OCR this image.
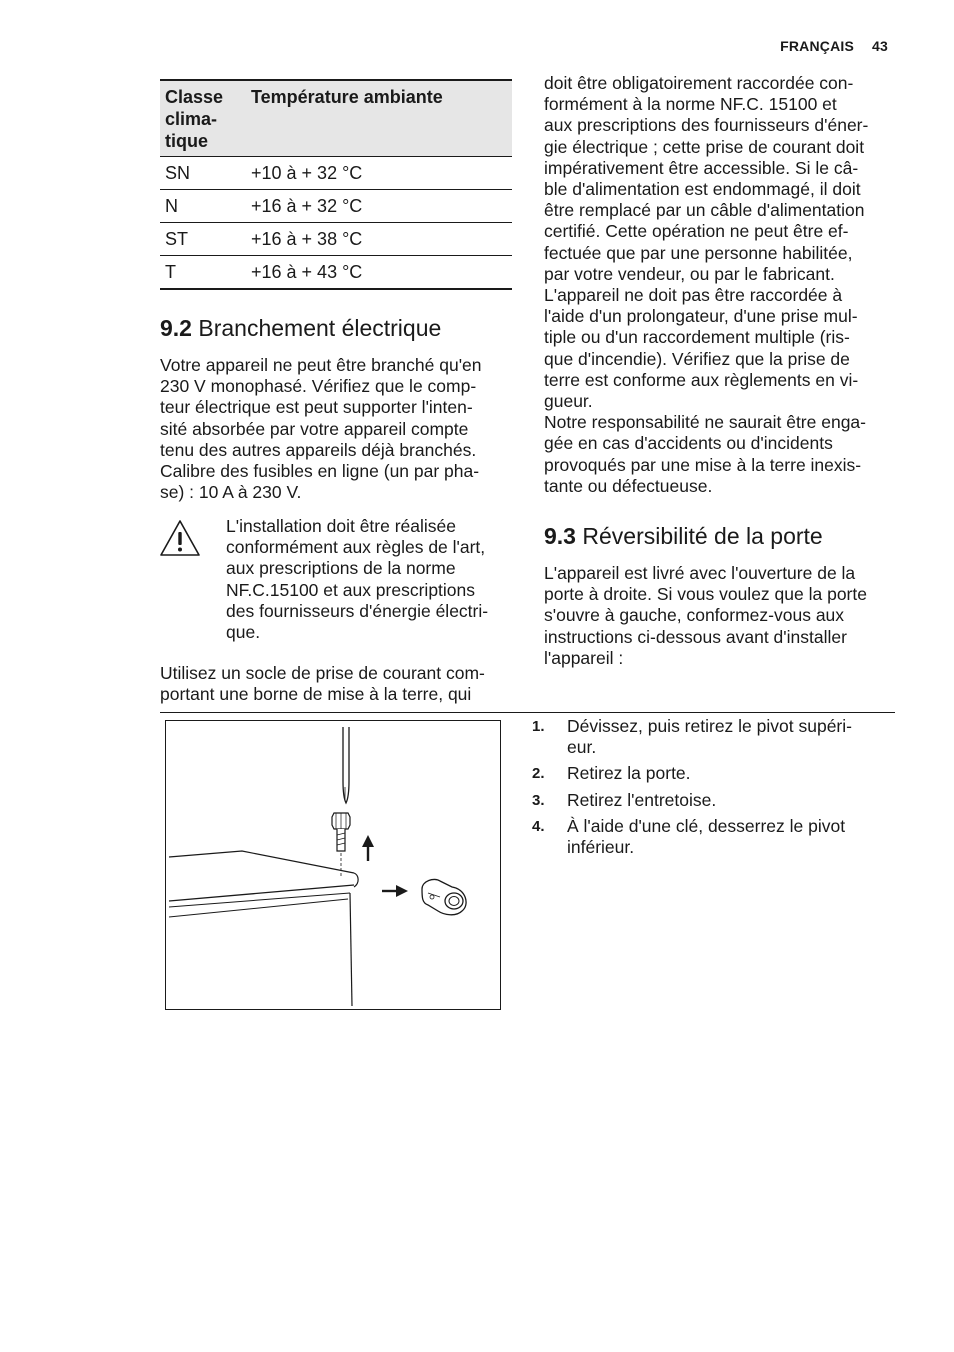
FRANÇAIS 43
Classe clima-
tique	Température ambiante
SN	+10 à + 32 °C
N	+16 à + 32 °C
ST	+16 à + 38 °C
T	+16 à + 43 °C
9.2 Branchement électrique

Votre appareil ne peut être branché qu'en
230 V monophasé. Vérifiez que le comp-
teur électrique est peut supporter l'inten-
sité absorbée par votre appareil compte
tenu des autres appareils déjà branchés.
Calibre des fusibles en ligne (un par pha-
se) : 10 A à 230 V.

L'installation doit être réalisée
conformément aux règles de l'art,
aux prescriptions de la norme
NF.C.15100 et aux prescriptions
des fournisseurs d'énergie électri-
que.

Utilisez un socle de prise de courant com-
portant une borne de mise à la terre, qui

doit être obligatoirement raccordée con-
formément à la norme NF.C. 15100 et
aux prescriptions des fournisseurs d'éner-
gie électrique ; cette prise de courant doit
impérativement être accessible. Si le câ-
ble d'alimentation est endommagé, il doit
être remplacé par un câble d'alimentation
certifié. Cette opération ne peut être ef-
fectuée que par une personne habilitée,
par votre vendeur, ou par le fabricant.
L'appareil ne doit pas être raccordée à
l'aide d'un prolongateur, d'une prise mul-
tiple ou d'un raccordement multiple (ris-
que d'incendie). Vérifiez que la prise de
terre est conforme aux règlements en vi-
gueur.
Notre responsabilité ne saurait être enga-
gée en cas d'accidents ou d'incidents
provoqués par une mise à la terre inexis-
tante ou défectueuse.

9.3 Réversibilité de la porte

L'appareil est livré avec l'ouverture de la
porte à droite. Si vous voulez que la porte
s'ouvre à gauche, conformez-vous aux
instructions ci-dessous avant d'installer
l'appareil :

1. Dévissez, puis retirez le pivot supéri-
eur.
2. Retirez la porte.
3. Retirez l'entretoise.
4. À l'aide d'une clé, desserrez le pivot
inférieur.
